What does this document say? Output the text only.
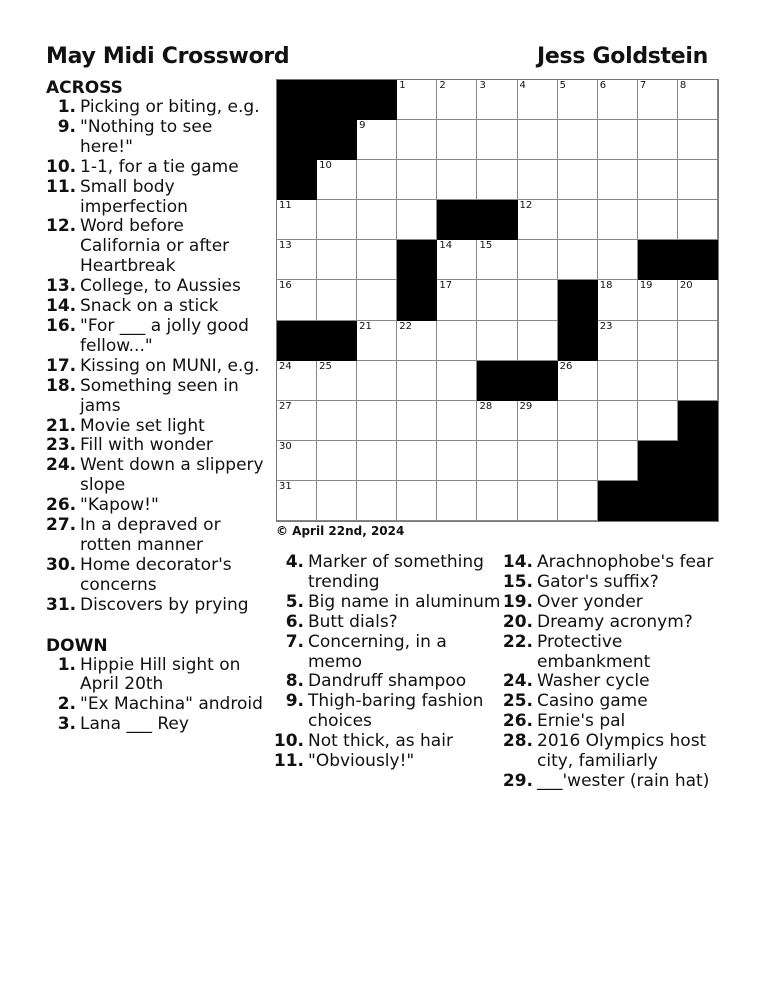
May Midi Crossword	Jess Goldstein
ACROSS
1. Picking or biting, e.g.
9. "Nothing to see here!"
10. 1-1, for a tie game
11. Small body imperfection
12. Word before California or after Heartbreak
13. College, to Aussies
14. Snack on a stick
16. "For ___ a jolly good fellow..."
17. Kissing on MUNI, e.g.
18. Something seen in jams
21. Movie set light
23. Fill with wonder
24. Went down a slippery slope
26. "Kapow!"
27. In a depraved or rotten manner
30. Home decorator's concerns
31. Discovers by prying
DOWN
1. Hippie Hill sight on April 20th
2. "Ex Machina" android
3. Lana ___ Rey
4. Marker of something trending
5. Big name in aluminum
6. Butt dials?
7. Concerning, in a memo
8. Dandruff shampoo
9. Thigh-baring fashion choices
10. Not thick, as hair
11. "Obviously!"
14. Arachnophobe's fear
15. Gator's suffix?
19. Over yonder
20. Dreamy acronym?
22. Protective embankment
24. Washer cycle
25. Casino game
26. Ernie's pal
28. 2016 Olympics host city, familiarly
29. ___'wester (rain hat)
1	2	3	4	5	6	7	8
9
10
11	12
13	14	15
16	17	18	19	20
21	22	23
24	25	26
27	28	29
30
31
© April 22nd, 2024
